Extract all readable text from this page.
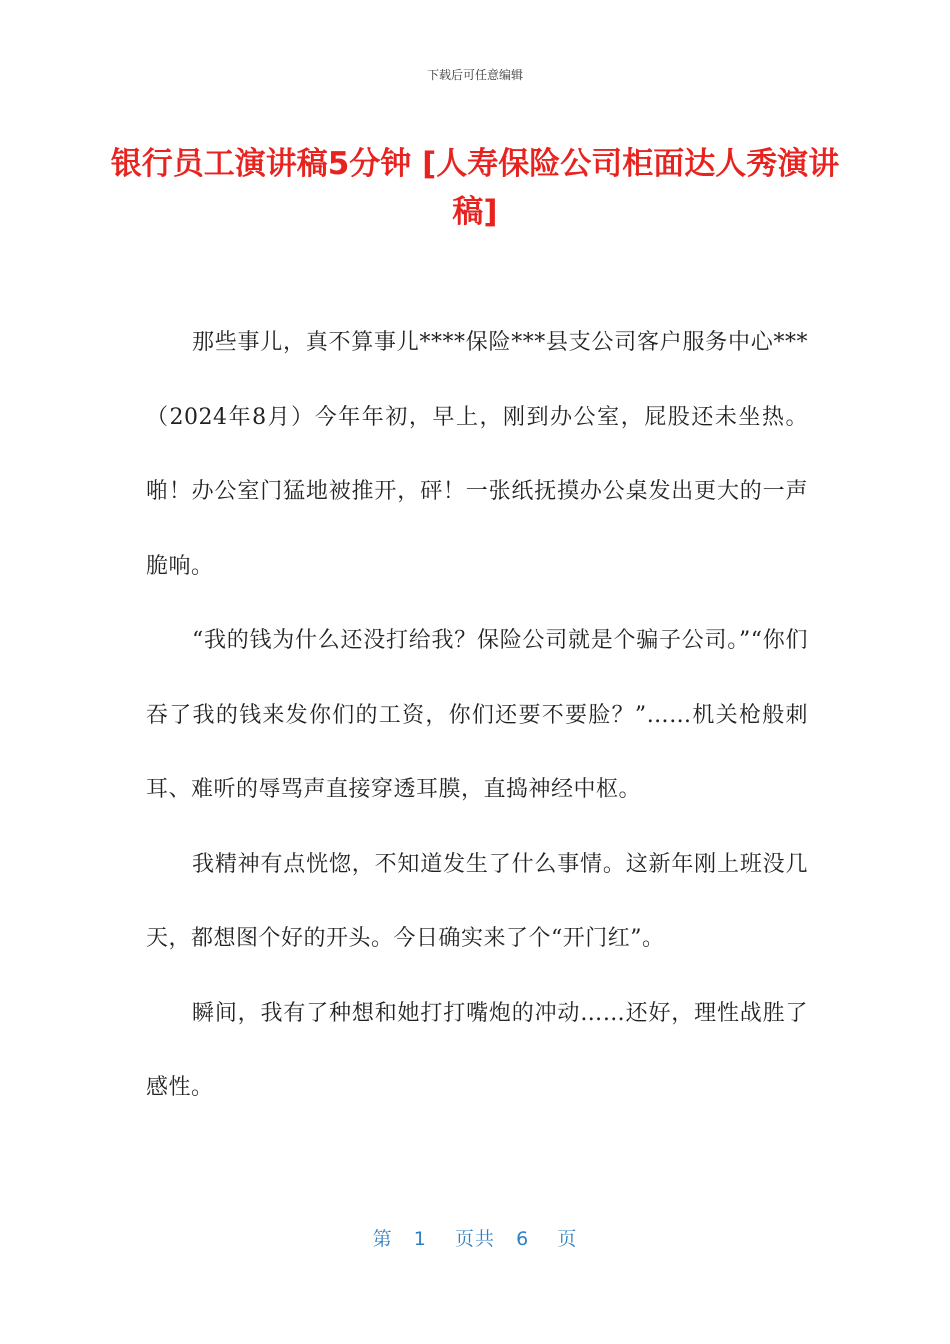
下载后可任意编辑
银行员工演讲稿5分钟 [人寿保险公司柜面达人秀演讲稿]

那些事儿，真不算事儿****保险***县支公司客户服务中心***（2024年8月）今年年初，早上，刚到办公室，屁股还未坐热。啪！办公室门猛地被推开，砰！一张纸抚摸办公桌发出更大的一声脆响。

“我的钱为什么还没打给我？保险公司就是个骗子公司。”“你们吞了我的钱来发你们的工资，你们还要不要脸？”……机关枪般刺耳、难听的辱骂声直接穿透耳膜，直捣神经中枢。

我精神有点恍惚，不知道发生了什么事情。这新年刚上班没几天，都想图个好的开头。今日确实来了个“开门红”。

瞬间，我有了种想和她打打嘴炮的冲动……还好，理性战胜了感性。

第 1 页共 6 页
